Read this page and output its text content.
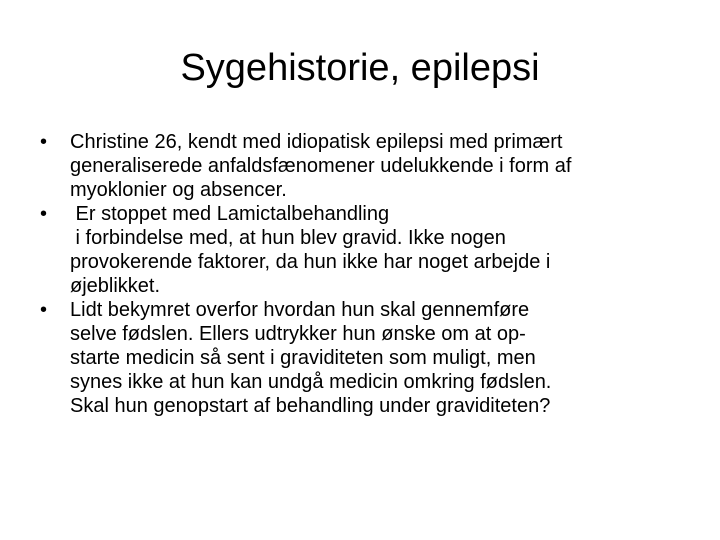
Sygehistorie, epilepsi
•	Christine 26, kendt med idiopatisk epilepsi med primært
generaliserede anfaldsfænomener udelukkende i form af
myoklonier og absencer.
•	Er stoppet med Lamictalbehandling
i forbindelse med, at hun blev gravid. Ikke nogen
provokerende faktorer, da hun ikke har noget arbejde i
øjeblikket.
•	Lidt bekymret overfor hvordan hun skal gennemføre
selve fødslen. Ellers udtrykker hun ønske om at op-
starte medicin så sent i graviditeten som muligt, men
synes ikke at hun kan undgå medicin omkring fødslen.
Skal hun genopstart af behandling under graviditeten?
